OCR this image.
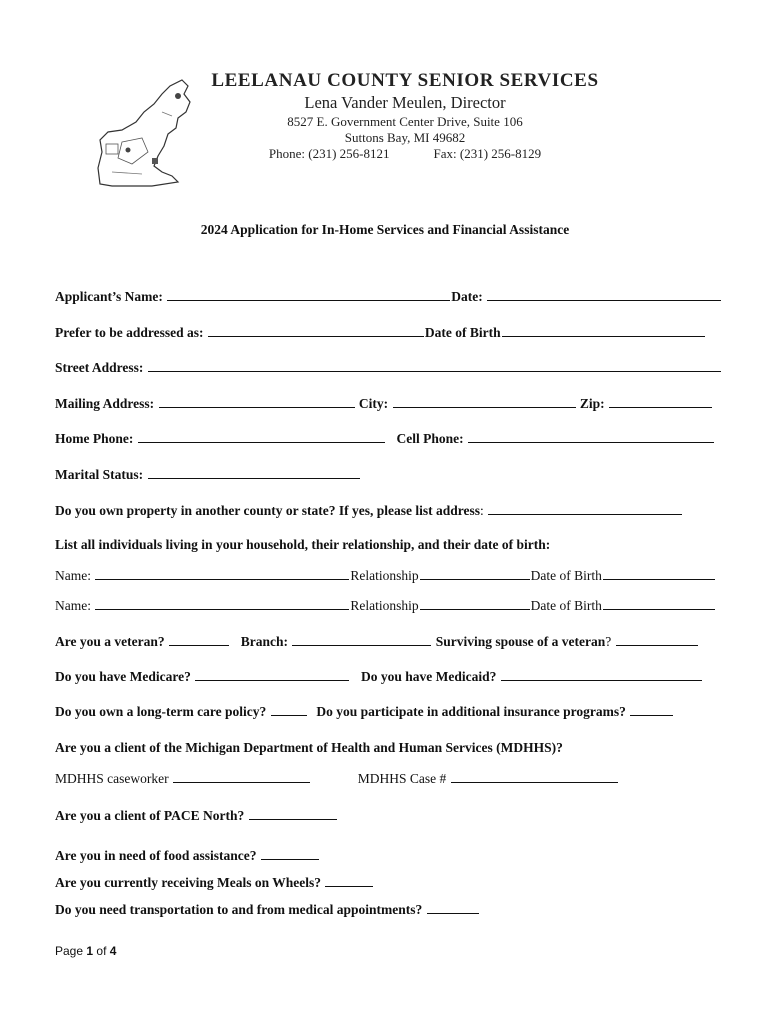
LEELANAU COUNTY SENIOR SERVICES
Lena Vander Meulen, Director
8527 E. Government Center Drive, Suite 106
Suttons Bay, MI 49682
Phone: (231) 256-8121	Fax: (231) 256-8129
2024 Application for In-Home Services and Financial Assistance
Applicant’s Name:	Date:
Prefer to be addressed as:	Date of Birth
Street Address:
Mailing Address:	City:	Zip:
Home Phone:	Cell Phone:
Marital Status:
Do you own property in another county or state? If yes, please list address:
List all individuals living in your household, their relationship, and their date of birth:
Name:	Relationship	Date of Birth
Name:	Relationship	Date of Birth
Are you a veteran?	Branch:	Surviving spouse of a veteran?
Do you have Medicare?	Do you have Medicaid?
Do you own a long-term care policy?	Do you participate in additional insurance programs?
Are you a client of the Michigan Department of Health and Human Services (MDHHS)?
MDHHS caseworker	MDHHS Case #
Are you a client of PACE North?
Are you in need of food assistance?
Are you currently receiving Meals on Wheels?
Do you need transportation to and from medical appointments?
Page 1 of 4
